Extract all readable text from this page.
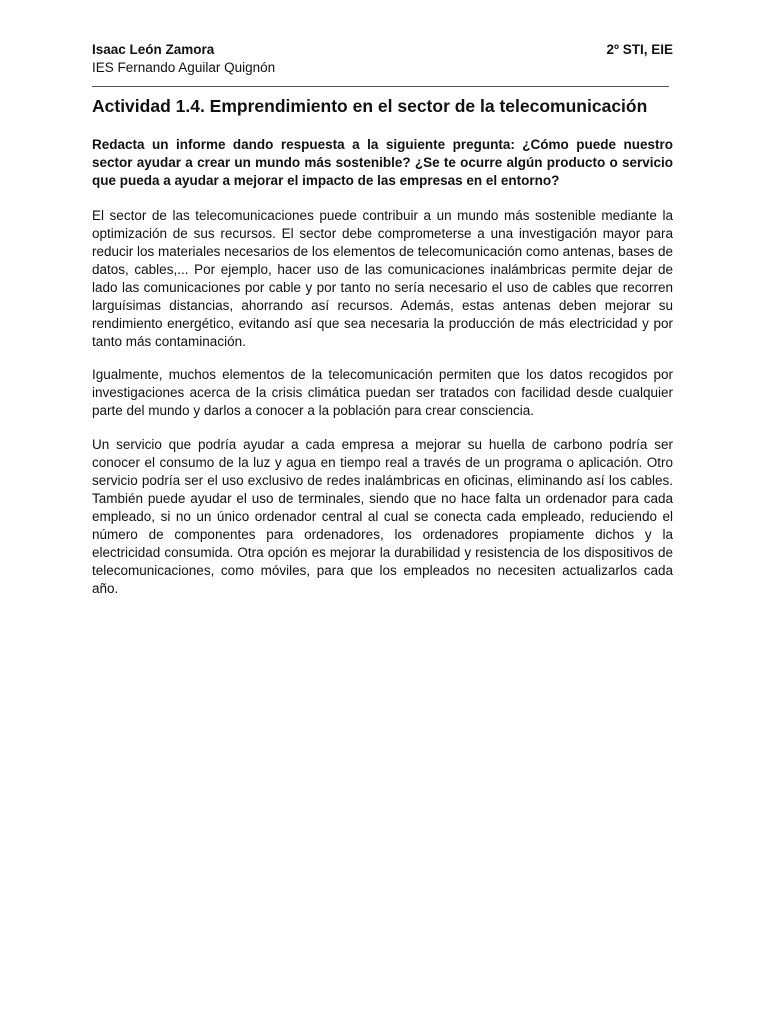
Isaac León Zamora	2º STI, EIE
IES Fernando Aguilar Quignón
Actividad 1.4. Emprendimiento en el sector de la telecomunicación
Redacta un informe dando respuesta a la siguiente pregunta: ¿Cómo puede nuestro sector ayudar a crear un mundo más sostenible? ¿Se te ocurre algún producto o servicio que pueda a ayudar a mejorar el impacto de las empresas en el entorno?

El sector de las telecomunicaciones puede contribuir a un mundo más sostenible mediante la optimización de sus recursos. El sector debe comprometerse a una investigación mayor para reducir los materiales necesarios de los elementos de telecomunicación como antenas, bases de datos, cables,... Por ejemplo, hacer uso de las comunicaciones inalámbricas permite dejar de lado las comunicaciones por cable y por tanto no sería necesario el uso de cables que recorren larguísimas distancias, ahorrando así recursos. Además, estas antenas deben mejorar su rendimiento energético, evitando así que sea necesaria la producción de más electricidad y por tanto más contaminación.

Igualmente, muchos elementos de la telecomunicación permiten que los datos recogidos por investigaciones acerca de la crisis climática puedan ser tratados con facilidad desde cualquier parte del mundo y darlos a conocer a la población para crear consciencia.

Un servicio que podría ayudar a cada empresa a mejorar su huella de carbono podría ser conocer el consumo de la luz y agua en tiempo real a través de un programa o aplicación. Otro servicio podría ser el uso exclusivo de redes inalámbricas en oficinas, eliminando así los cables. También puede ayudar el uso de terminales, siendo que no hace falta un ordenador para cada empleado, si no un único ordenador central al cual se conecta cada empleado, reduciendo el número de componentes para ordenadores, los ordenadores propiamente dichos y la electricidad consumida. Otra opción es mejorar la durabilidad y resistencia de los dispositivos de telecomunicaciones, como móviles, para que los empleados no necesiten actualizarlos cada año.
